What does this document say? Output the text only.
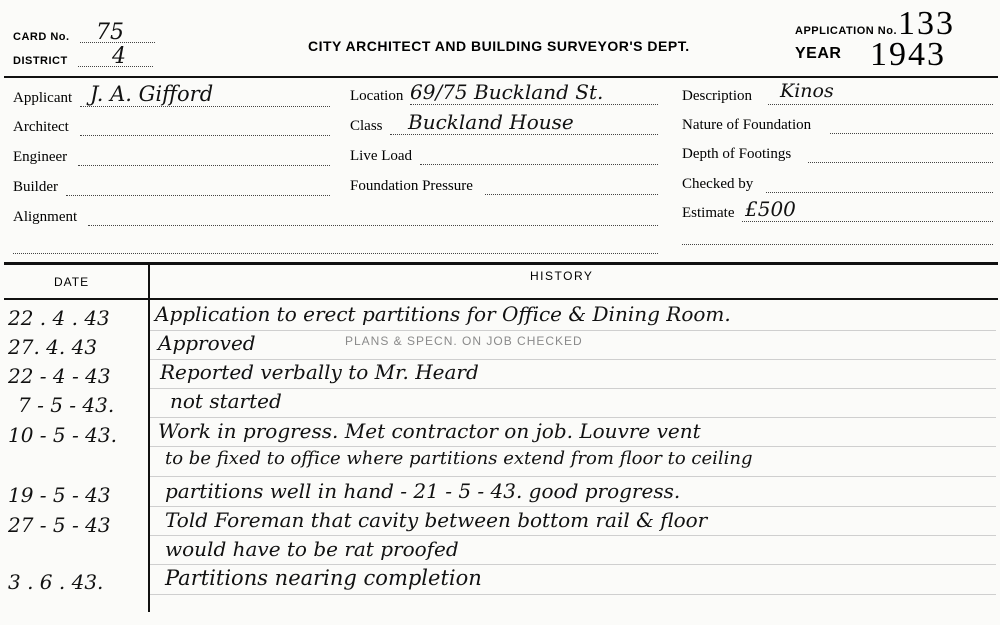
CARD No. 75
DISTRICT 4	CITY ARCHITECT AND BUILDING SURVEYOR'S DEPT.
APPLICATION No. 133
YEAR 1943
Applicant J. A. Gifford
Architect
Engineer
Builder
Alignment
Location 69/75 Buckland St.
Class Buckland House
Live Load
Foundation Pressure
Description Kinos
Nature of Foundation
Depth of Footings
Checked by
Estimate £500
DATE	HISTORY
PLANS & SPECN. ON JOB CHECKED
22 . 4 . 43 Application to erect partitions for Office & Dining Room.
27. 4. 43	Approved
22 - 4 - 43 Reported verbally to Mr. Heard
7 - 5 - 43.	not started
10 - 5 - 43. Work in progress. Met contractor on job. Louvre vent
to be fixed to office where partitions extend from floor to ceiling
19 - 5 - 43	partitions well in hand - 21 - 5 - 43. good progress.
27 - 5 - 43	Told Foreman that cavity between bottom rail & floor
would have to be rat proofed
3 . 6 . 43.	Partitions nearing completion
